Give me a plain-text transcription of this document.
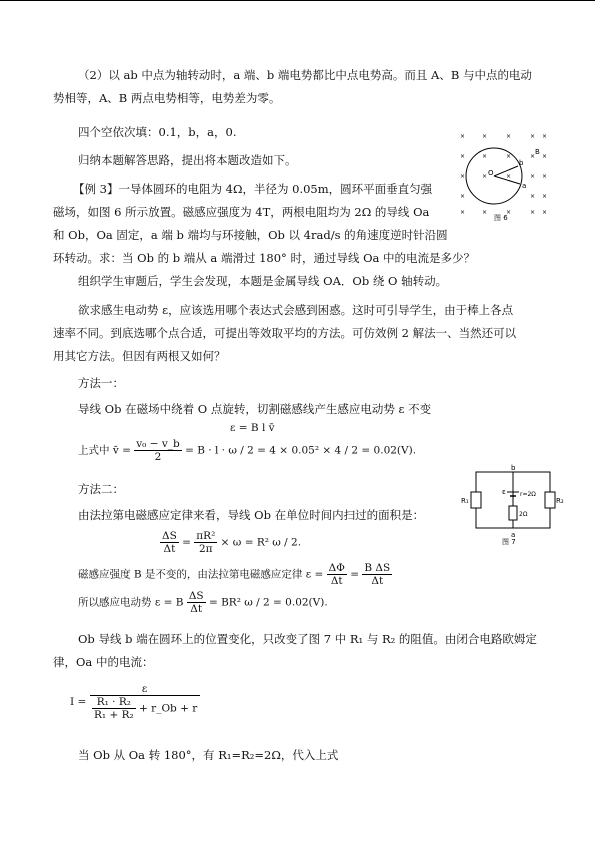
（2）以 ab 中点为轴转动时，a 端、b 端电势都比中点电势高。而且 A、B 与中点的电动
势相等，A、B 两点电势相等，电势差为零。
四个空依次填：0.1，b，a，0.
归纳本题解答思路，提出将本题改造如下。
【例 3】一导体圆环的电阻为 4Ω，半径为 0.05m，圆环平面垂直匀强
磁场，如图 6 所示放置。磁感应强度为 4T，两根电阻均为 2Ω 的导线 Oa
和 Ob，Oa 固定，a 端 b 端均与环接触，Ob 以 4rad/s 的角速度逆时针沿圆
环转动。求：当 Ob 的 b 端从 a 端滑过 180° 时，通过导线 Oa 中的电流是多少？
组织学生审题后，学生会发现，本题是金属导线 OA．Ob 绕 O 轴转动。
欲求感生电动势 ε，应该选用哪个表达式会感到困惑。这时可引导学生，由于棒上各点
速率不同。到底选哪个点合适，可提出等效取平均的方法。可仿效例 2 解法一、当然还可以
用其它方法。但因有两根又如何？
方法一：
导线 Ob 在磁场中绕着 O 点旋转，切割磁感线产生感应电动势 ε 不变
ε = B l v̄
上式中 v̄ = $\frac{\text{v₀ − v\_b}}{2} = B \cdot l \cdot \omega / 2 = 4 \times 0.05^2 \times 4 / 2 = 0.02(V)$.
方法二：
由法拉第电磁感应定律来看，导线 Ob 在单位时间内扫过的面积是：
$\frac{\Delta S}{\Delta t} = \frac{\text{πR²}}{2\pi} \times \omega = R^2$ ω / 2.
磁感应强度 B 是不变的，由法拉第电磁感应定律 $\varepsilon = \frac{\Delta\Phi}{\Delta t} = \frac{\text{B ΔS}}{\Delta t}$
所以感应电动势 ε = B $\frac{\Delta S}{\Delta t} = BR^2$ ω / 2 = 0.02(V).
Ob 导线 b 端在圆环上的位置变化，只改变了图 7 中 R₁ 与 R₂ 的阻值。由闭合电路欧姆定
律，Oa 中的电流：
$I = \frac{\varepsilon}{\frac{\text{R₁ · R₂}}{\text{R₁ + R₂}} + r\_Ob + r}$
当 Ob 从 Oa 转 180°，有 R₁=R₂=2Ω，代入上式
×	×	×	× ×
×	×	×	× ×
×	×	×	× ×
×	× ×
×	×	×	× ×
O
a
b
B
图 6
b
a
R₁	R₂
ε r=2Ω
2Ω
图 7
